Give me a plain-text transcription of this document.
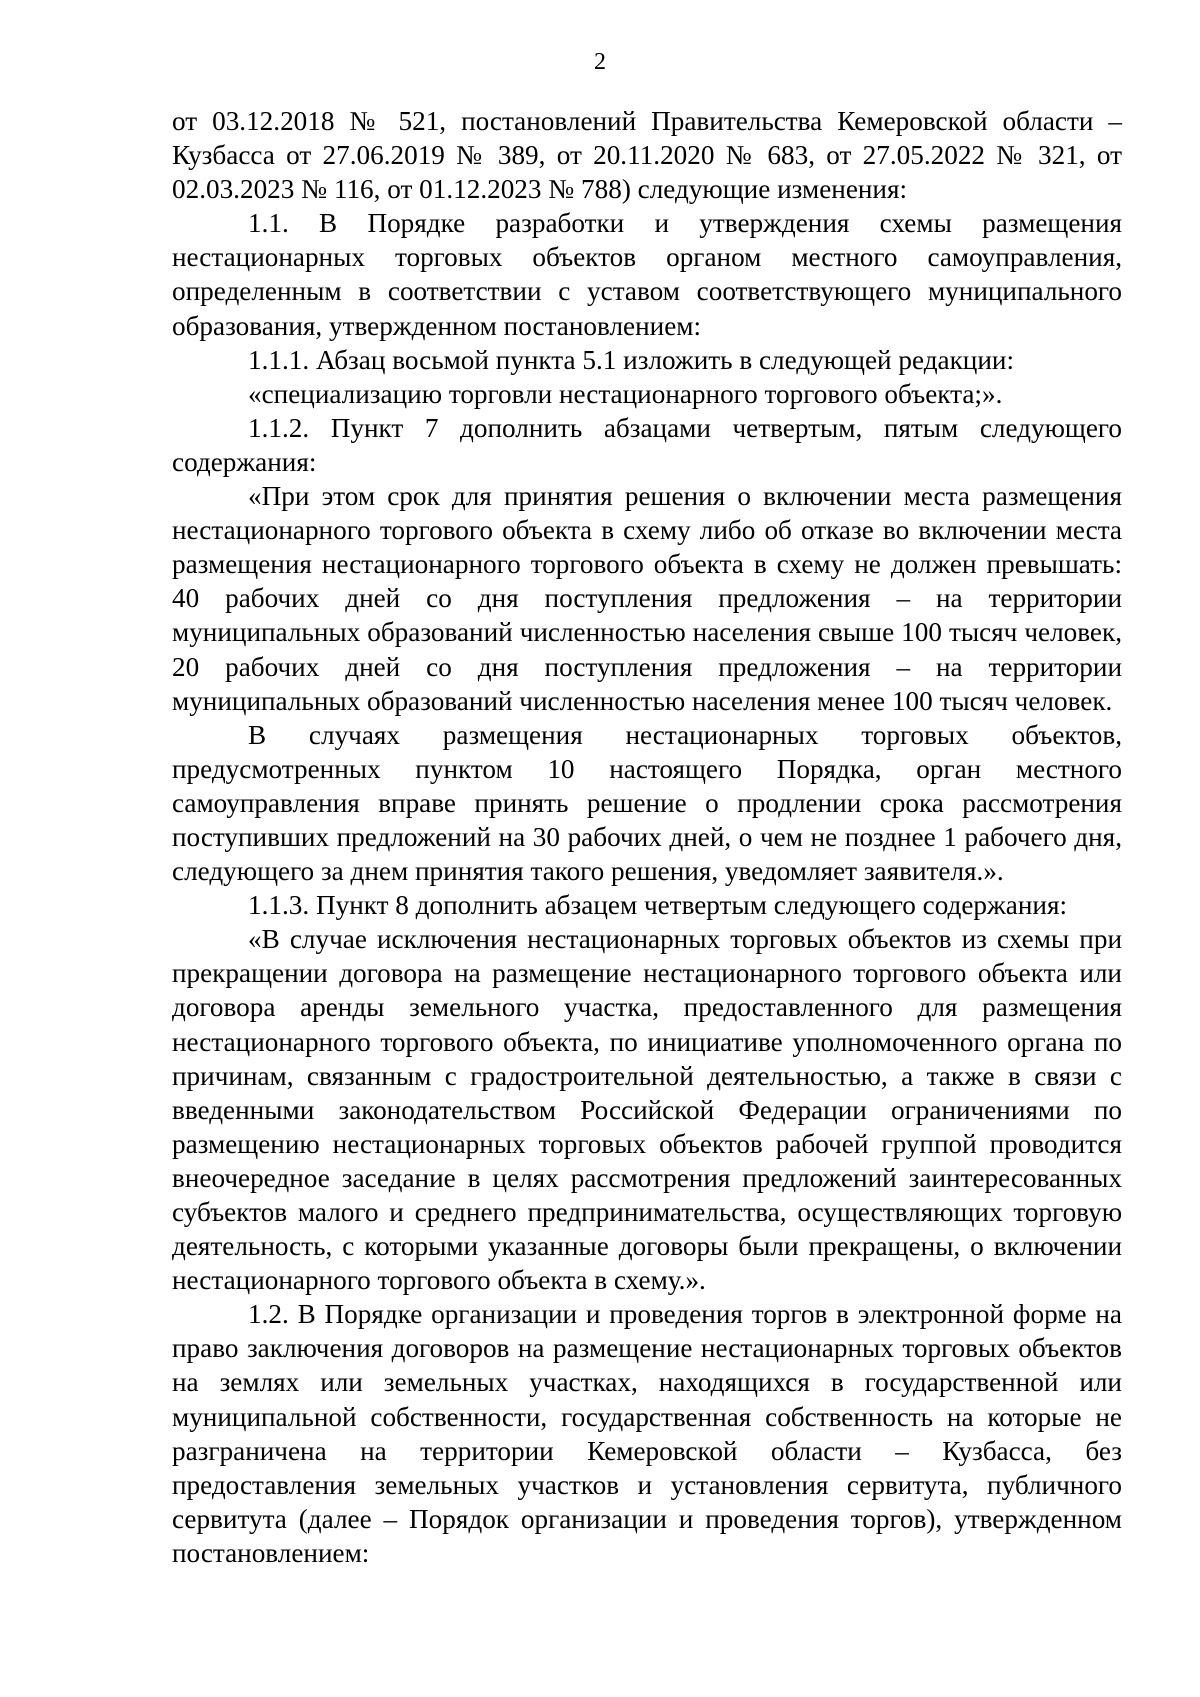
2

от 03.12.2018 № 521, постановлений Правительства Кемеровской области – Кузбасса от 27.06.2019 № 389, от 20.11.2020 № 683, от 27.05.2022 № 321, от 02.03.2023 № 116, от 01.12.2023 № 788) следующие изменения:

1.1. В Порядке разработки и утверждения схемы размещения нестационарных торговых объектов органом местного самоуправления, определенным в соответствии с уставом соответствующего муниципального образования, утвержденном постановлением:

1.1.1. Абзац восьмой пункта 5.1 изложить в следующей редакции:

«специализацию торговли нестационарного торгового объекта;».

1.1.2. Пункт 7 дополнить абзацами четвертым, пятым следующего содержания:

«При этом срок для принятия решения о включении места размещения нестационарного торгового объекта в схему либо об отказе во включении места размещения нестационарного торгового объекта в схему не должен превышать: 40 рабочих дней со дня поступления предложения – на территории муниципальных образований численностью населения свыше 100 тысяч человек, 20 рабочих дней со дня поступления предложения – на территории муниципальных образований численностью населения менее 100 тысяч человек.

В случаях размещения нестационарных торговых объектов, предусмотренных пунктом 10 настоящего Порядка, орган местного самоуправления вправе принять решение о продлении срока рассмотрения поступивших предложений на 30 рабочих дней, о чем не позднее 1 рабочего дня, следующего за днем принятия такого решения, уведомляет заявителя.».

1.1.3. Пункт 8 дополнить абзацем четвертым следующего содержания:

«В случае исключения нестационарных торговых объектов из схемы при прекращении договора на размещение нестационарного торгового объекта или договора аренды земельного участка, предоставленного для размещения нестационарного торгового объекта, по инициативе уполномоченного органа по причинам, связанным с градостроительной деятельностью, а также в связи с введенными законодательством Российской Федерации ограничениями по размещению нестационарных торговых объектов рабочей группой проводится внеочередное заседание в целях рассмотрения предложений заинтересованных субъектов малого и среднего предпринимательства, осуществляющих торговую деятельность, с которыми указанные договоры были прекращены, о включении нестационарного торгового объекта в схему.».

1.2. В Порядке организации и проведения торгов в электронной форме на право заключения договоров на размещение нестационарных торговых объектов на землях или земельных участках, находящихся в государственной или муниципальной собственности, государственная собственность на которые не разграничена на территории Кемеровской области – Кузбасса, без предоставления земельных участков и установления сервитута, публичного сервитута (далее – Порядок организации и проведения торгов), утвержденном постановлением:
